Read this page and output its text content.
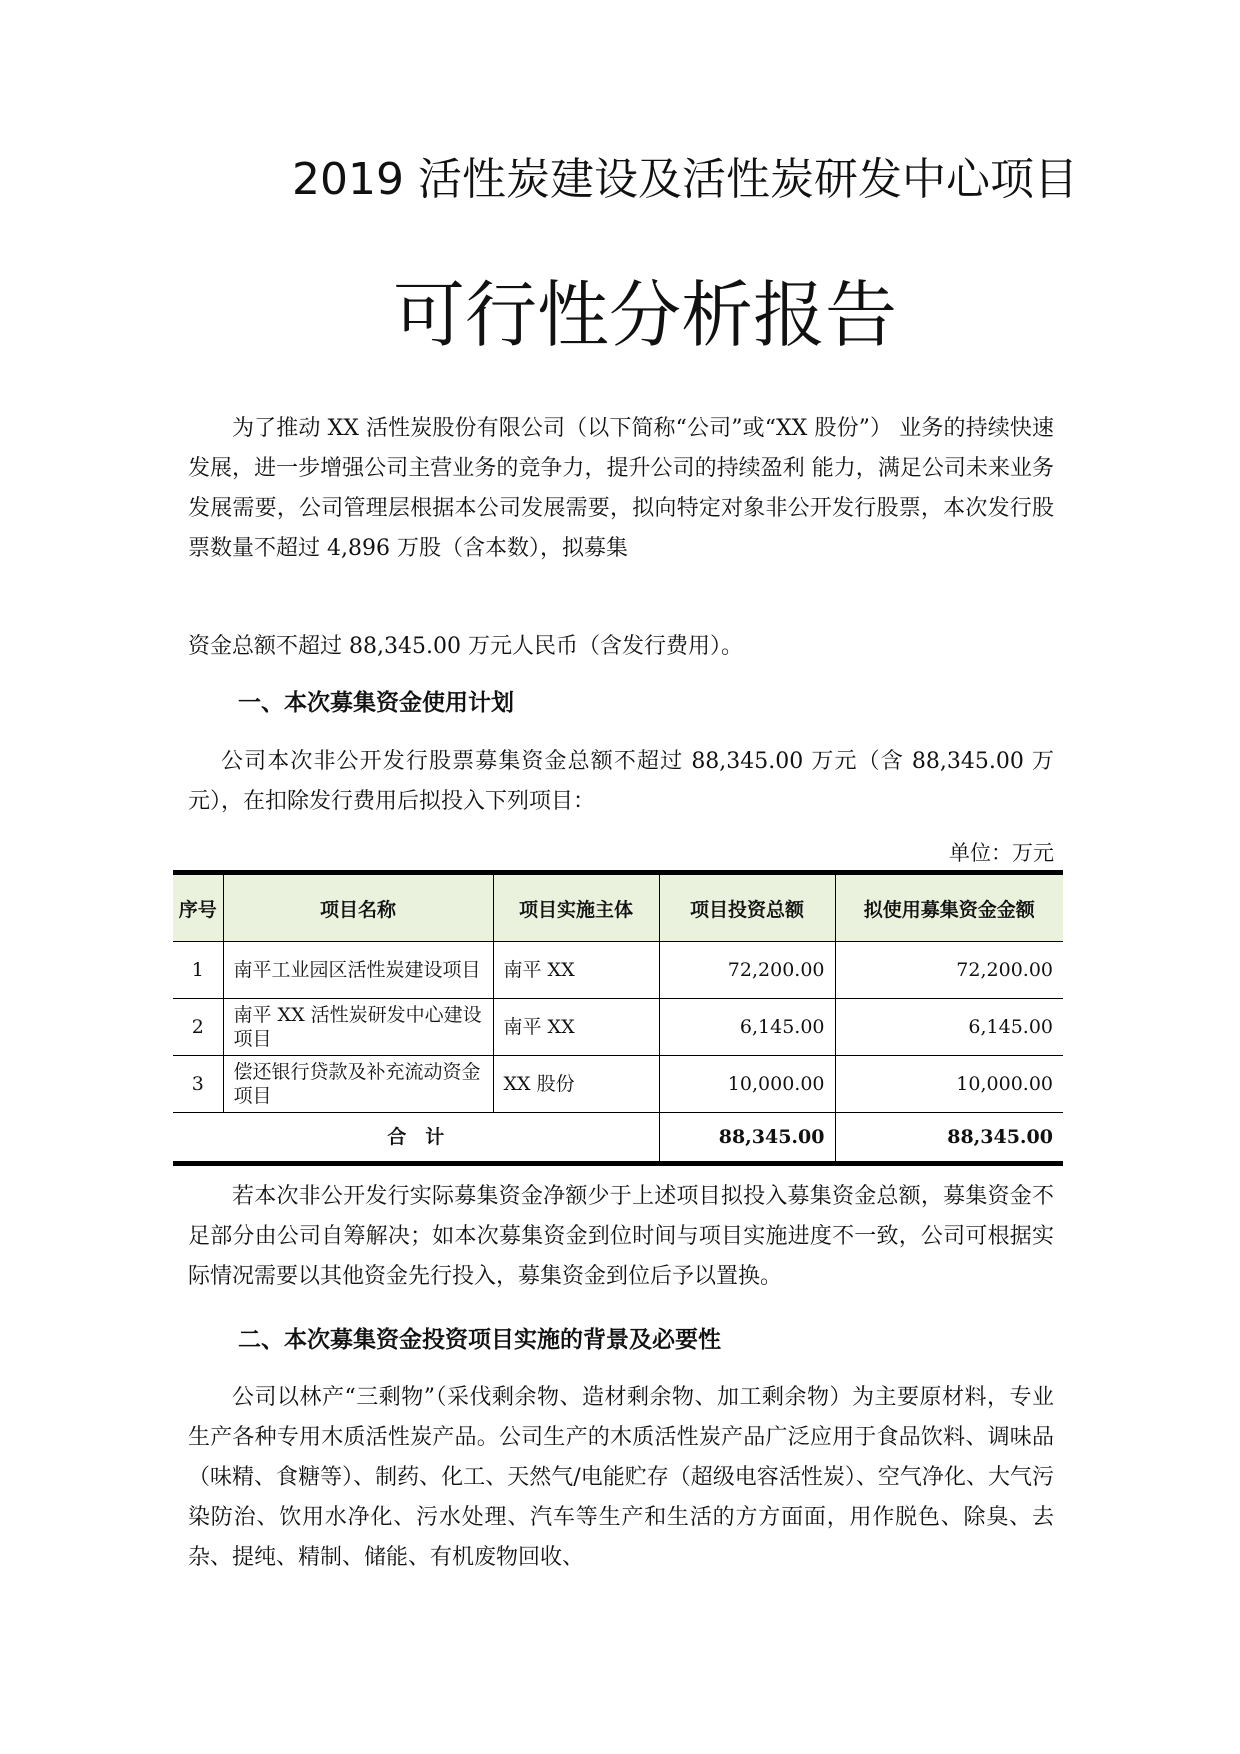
2019 活性炭建设及活性炭研发中心项目
可行性分析报告
为了推动 XX 活性炭股份有限公司（以下简称“公司”或“XX 股份”） 业务的持续快速发展，进一步增强公司主营业务的竞争力，提升公司的持续盈利 能力，满足公司未来业务发展需要，公司管理层根据本公司发展需要，拟向特定对象非公开发行股票，本次发行股票数量不超过 4,896 万股（含本数），拟募集
资金总额不超过 88,345.00 万元人民币（含发行费用）。
一、本次募集资金使用计划
公司本次非公开发行股票募集资金总额不超过 88,345.00 万元（含 88,345.00 万元），在扣除发行费用后拟投入下列项目：
单位：万元
序号	项目名称	项目实施主体	项目投资总额	拟使用募集资金金额
1	南平工业园区活性炭建设项目	南平 XX	72,200.00	72,200.00
2	南平 XX 活性炭研发中心建设项目	南平 XX	6,145.00	6,145.00
3	偿还银行贷款及补充流动资金项目	XX 股份	10,000.00	10,000.00
合　计			88,345.00	88,345.00
若本次非公开发行实际募集资金净额少于上述项目拟投入募集资金总额，募集资金不足部分由公司自筹解决；如本次募集资金到位时间与项目实施进度不一致，公司可根据实际情况需要以其他资金先行投入，募集资金到位后予以置换。
二、本次募集资金投资项目实施的背景及必要性
公司以林产“三剩物”（采伐剩余物、造材剩余物、加工剩余物）为主要原材料，专业生产各种专用木质活性炭产品。公司生产的木质活性炭产品广泛应用于食品饮料、调味品（味精、食糖等）、制药、化工、天然气/电能贮存（超级电容活性炭）、空气净化、大气污染防治、饮用水净化、污水处理、汽车等生产和生活的方方面面，用作脱色、除臭、去杂、提纯、精制、储能、有机废物回收、
